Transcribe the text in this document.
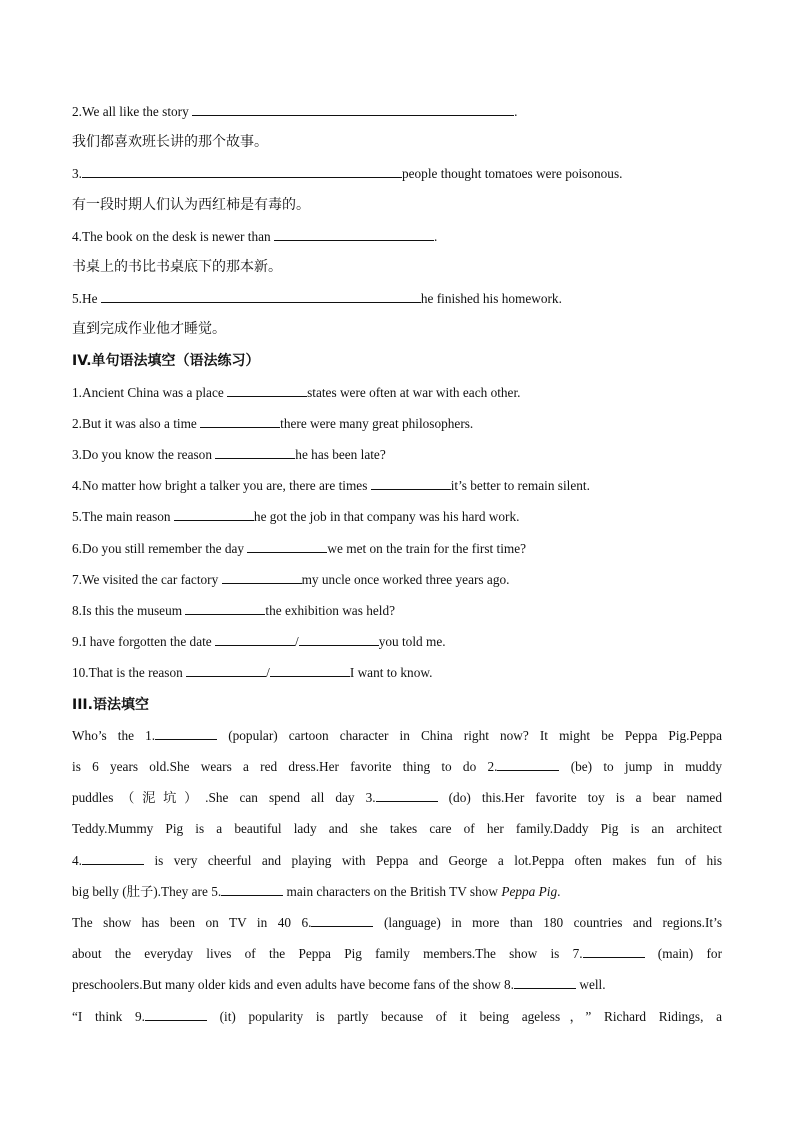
2.We all like the story	.
我们都喜欢班长讲的那个故事。
3.	people thought tomatoes were poisonous.
有一段时期人们认为西红柿是有毒的。
4.The book on the desk is newer than	.
书桌上的书比书桌底下的那本新。
5.He	he finished his homework.
直到完成作业他才睡觉。
IV.单句语法填空（语法练习）
1.Ancient China was a place	states were often at war with each other.
2.But it was also a time	there were many great philosophers.
3.Do you know the reason	he has been late?
4.No matter how bright a talker you are, there are times	it’s better to remain silent.
5.The main reason	he got the job in that company was his hard work.
6.Do you still remember the day	we met on the train for the first time?
7.We visited the car factory	my uncle once worked three years ago.
8.Is this the museum	the exhibition was held?
9.I have forgotten the date	/	you told me.
10.That is the reason	/	I want to know.
III.语法填空
Who’s the 1.	(popular) cartoon character in China right now? It might be Peppa Pig.Peppa
is 6 years old.She wears a red dress.Her favorite thing to do 2.	(be) to jump in muddy
puddles（泥坑）.She can spend all day 3.	(do) this.Her favorite toy is a bear named
Teddy.Mummy Pig is a beautiful lady and she takes care of her family.Daddy Pig is an architect
4.	is very cheerful and playing with Peppa and George a lot.Peppa often makes fun of his
big belly (肚子).They are 5.	main characters on the British TV show Peppa Pig.
The show has been on TV in 40 6.	(language) in more than 180 countries and regions.It’s
about the everyday lives of the Peppa Pig family members.The show is 7.	(main) for
preschoolers.But many older kids and even adults have become fans of the show 8.	well.
“I think 9.	(it) popularity is partly because of it being ageless，” Richard Ridings, a
